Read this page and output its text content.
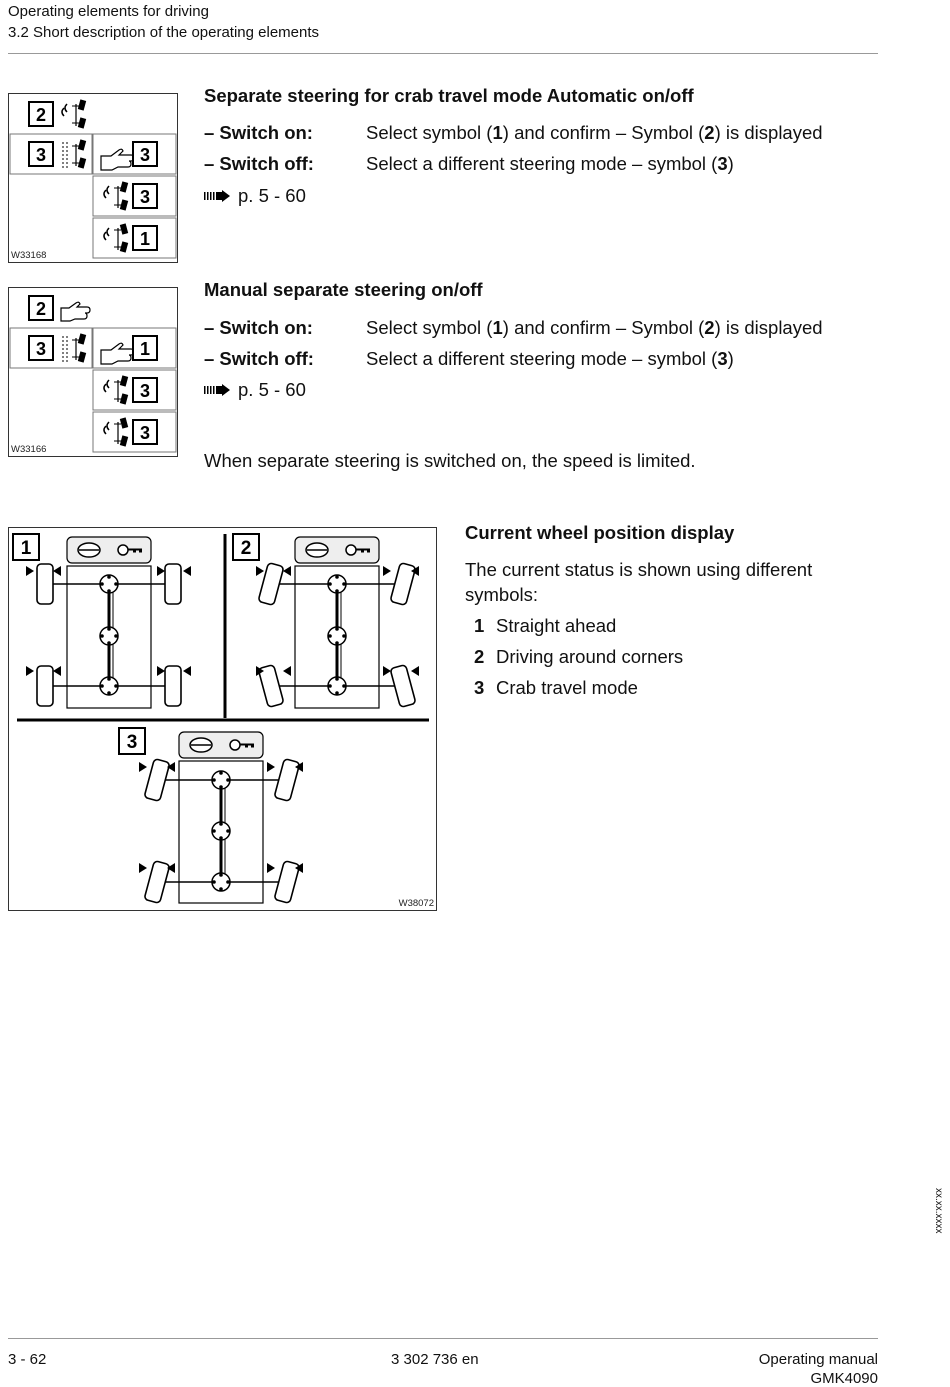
Operating elements for driving
3.2 Short description of the operating elements
2
3	3
3
1
W33168
Separate steering for crab travel mode Automatic on/off
– Switch on:	Select symbol (1) and confirm – Symbol (2) is displayed
– Switch off:	Select a different steering mode – symbol (3)
p. 5 - 60
2
3	1
3
3
W33166
Manual separate steering on/off
– Switch on:	Select symbol (1) and confirm – Symbol (2) is displayed
– Switch off:	Select a different steering mode – symbol (3)
p. 5 - 60
When separate steering is switched on, the speed is limited.
1	2
3
W38072
Current wheel position display
The current status is shown using different symbols:
1 Straight ahead
2 Driving around corners
3 Crab travel mode
xx.xx.xxxx
3 - 62	3 302 736 en	Operating manual
GMK4090
